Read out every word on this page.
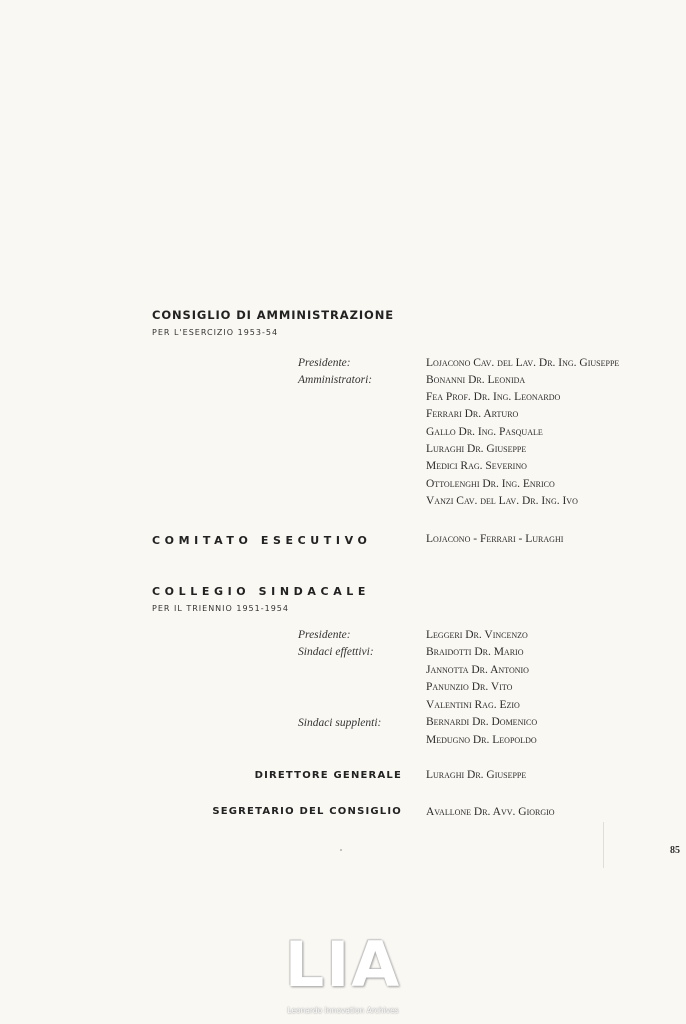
CONSIGLIO DI AMMINISTRAZIONE
PER L'ESERCIZIO 1953-54
Presidente:
Amministratori:
Lojacono Cav. del Lav. Dr. Ing. Giuseppe
Bonanni Dr. Leonida
Fea Prof. Dr. Ing. Leonardo
Ferrari Dr. Arturo
Gallo Dr. Ing. Pasquale
Luraghi Dr. Giuseppe
Medici Rag. Severino
Ottolenghi Dr. Ing. Enrico
Vanzi Cav. del Lav. Dr. Ing. Ivo
COMITATO ESECUTIVO	Lojacono - Ferrari - Luraghi
COLLEGIO SINDACALE
PER IL TRIENNIO 1951-1954
Presidente:
Sindaci effettivi:
Sindaci supplenti:
Leggeri Dr. Vincenzo
Braidotti Dr. Mario
Jannotta Dr. Antonio
Panunzio Dr. Vito
Valentini Rag. Ezio
Bernardi Dr. Domenico
Medugno Dr. Leopoldo
DIRETTORE GENERALE Luraghi Dr. Giuseppe
SEGRETARIO DEL CONSIGLIO Avallone Dr. Avv. Giorgio
85
LIA
Leonardo Innovation Archives
